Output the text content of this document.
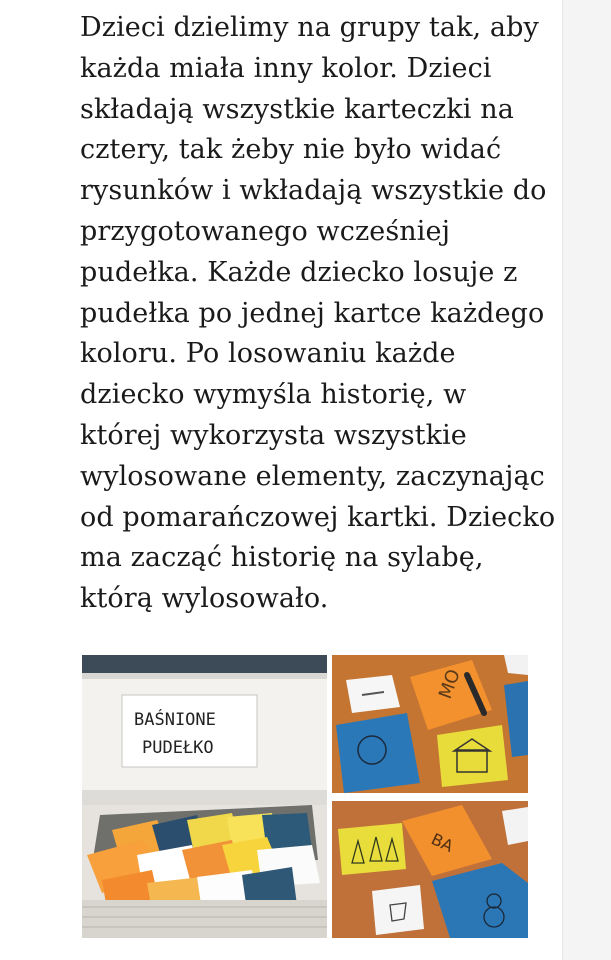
Dzieci dzielimy na grupy tak, aby
każda miała inny kolor. Dzieci
składają wszystkie karteczki na
cztery, tak żeby nie było widać
rysunków i wkładają wszystkie do
przygotowanego wcześniej
pudełka. Każde dziecko losuje z
pudełka po jednej kartce każdego
koloru. Po losowaniu każde
dziecko wymyśla historię, w
której wykorzysta wszystkie
wylosowane elementy, zaczynając
od pomarańczowej kartki. Dziecko
ma zacząć historię na sylabę,
którą wylosowało.

BAŚNIONE
PUDEŁKO
MO
BA
